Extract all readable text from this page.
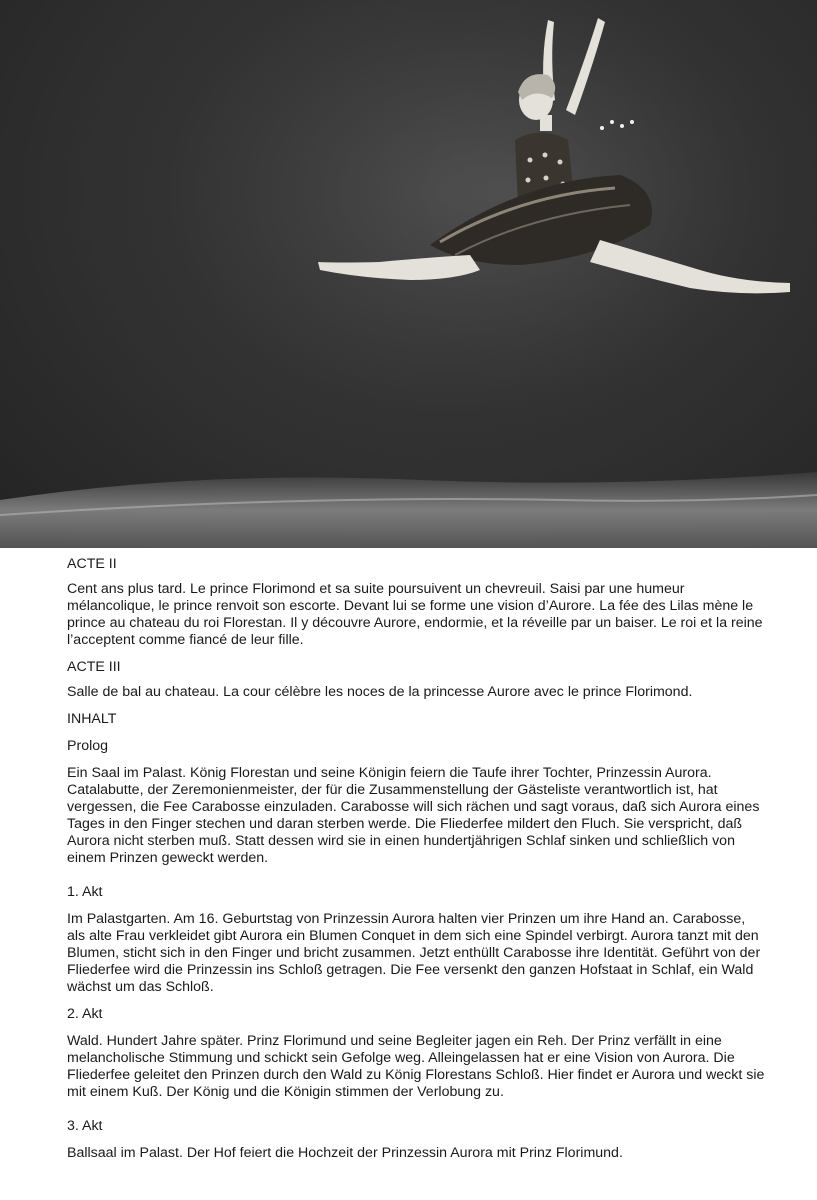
ACTE II

Cent ans plus tard. Le prince Florimond et sa suite poursuivent un chevreuil. Saisi par une humeur mélancolique, le prince renvoit son escorte. Devant lui se forme une vision d’Aurore. La fée des Lilas mène le prince au chateau du roi Florestan. Il y découvre Aurore, endormie, et la réveille par un baiser. Le roi et la reine l’acceptent comme fiancé de leur fille.

ACTE III

Salle de bal au chateau. La cour célèbre les noces de la princesse Aurore avec le prince Florimond.

INHALT
Prolog

Ein Saal im Palast. König Florestan und seine Königin feiern die Taufe ihrer Tochter, Prinzessin Aurora. Catalabutte, der Zeremonienmeister, der für die Zusammenstellung der Gästeliste verantwortlich ist, hat vergessen, die Fee Carabosse einzuladen. Carabosse will sich rächen und sagt voraus, daß sich Aurora eines Tages in den Finger stechen und daran sterben werde. Die Fliederfee mildert den Fluch. Sie verspricht, daß Aurora nicht sterben muß. Statt dessen wird sie in einen hundertjährigen Schlaf sinken und schließlich von einem Prinzen geweckt werden.

1. Akt

Im Palastgarten. Am 16. Geburtstag von Prinzessin Aurora halten vier Prinzen um ihre Hand an. Carabosse, als alte Frau verkleidet gibt Aurora ein Blumen Conquet in dem sich eine Spindel verbirgt. Aurora tanzt mit den Blumen, sticht sich in den Finger und bricht zusammen. Jetzt enthüllt Carabosse ihre Identität. Geführt von der Fliederfee wird die Prinzessin ins Schloß getragen. Die Fee versenkt den ganzen Hofstaat in Schlaf, ein Wald wächst um das Schloß.

2. Akt

Wald. Hundert Jahre später. Prinz Florimund und seine Begleiter jagen ein Reh. Der Prinz verfällt in eine melancholische Stimmung und schickt sein Gefolge weg. Alleingelassen hat er eine Vision von Aurora. Die Fliederfee geleitet den Prinzen durch den Wald zu König Florestans Schloß. Hier findet er Aurora und weckt sie mit einem Kuß. Der König und die Königin stimmen der Verlobung zu.

3. Akt

Ballsaal im Palast. Der Hof feiert die Hochzeit der Prinzessin Aurora mit Prinz Florimund.
